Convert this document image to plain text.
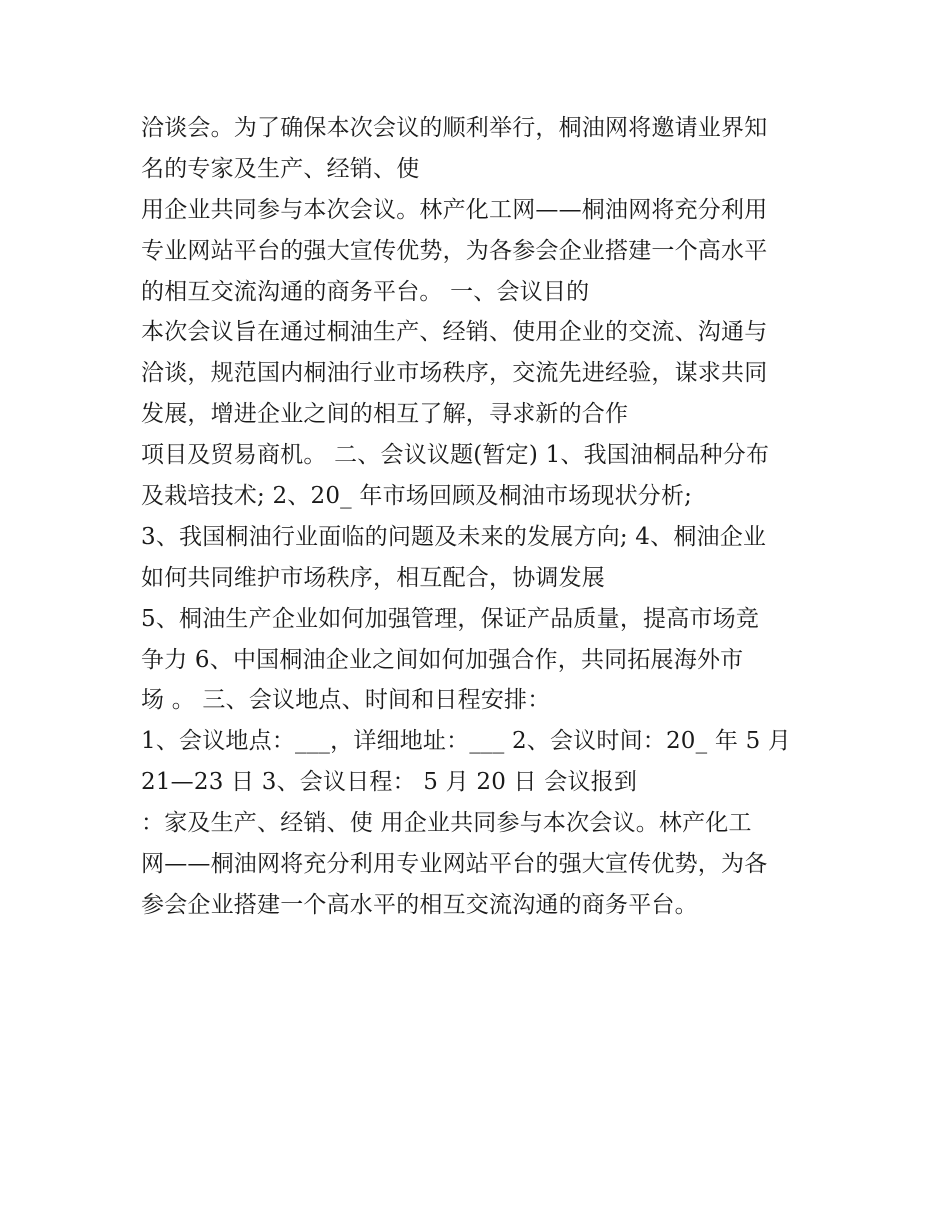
洽谈会。为了确保本次会议的顺利举行，桐油网将邀请业界知
名的专家及生产、经销、使
用企业共同参与本次会议。林产化工网——桐油网将充分利用
专业网站平台的强大宣传优势，为各参会企业搭建一个高水平
的相互交流沟通的商务平台。 一、会议目的
本次会议旨在通过桐油生产、经销、使用企业的交流、沟通与
洽谈，规范国内桐油行业市场秩序，交流先进经验，谋求共同
发展，增进企业之间的相互了解，寻求新的合作
项目及贸易商机。 二、会议议题(暂定) 1、我国油桐品种分布
及栽培技术; 2、20_ 年市场回顾及桐油市场现状分析;
3、我国桐油行业面临的问题及未来的发展方向; 4、桐油企业
如何共同维护市场秩序，相互配合，协调发展
5、桐油生产企业如何加强管理，保证产品质量，提高市场竞
争力 6、中国桐油企业之间如何加强合作，共同拓展海外市
场 。 三、会议地点、时间和日程安排：
1、会议地点：___，详细地址：___ 2、会议时间：20_ 年 5 月
21—23 日 3、会议日程： 5 月 20 日 会议报到
：家及生产、经销、使 用企业共同参与本次会议。林产化工
网——桐油网将充分利用专业网站平台的强大宣传优势，为各
参会企业搭建一个高水平的相互交流沟通的商务平台。
